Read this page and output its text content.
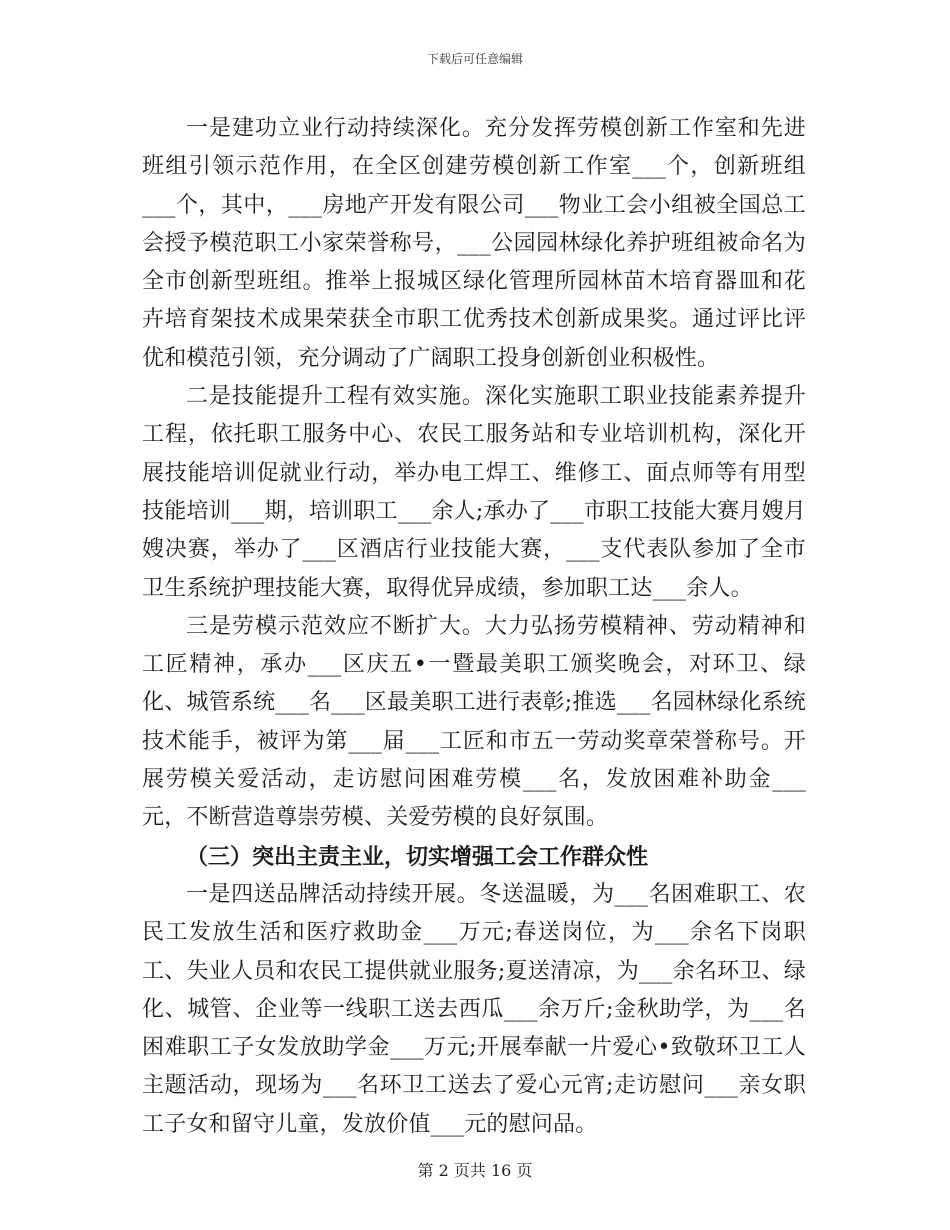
下载后可任意编辑

一是建功立业行动持续深化。充分发挥劳模创新工作室和先进班组引领示范作用，在全区创建劳模创新工作室___个，创新班组___个，其中，___房地产开发有限公司___物业工会小组被全国总工会授予模范职工小家荣誉称号，___公园园林绿化养护班组被命名为全市创新型班组。推举上报城区绿化管理所园林苗木培育器皿和花卉培育架技术成果荣获全市职工优秀技术创新成果奖。通过评比评优和模范引领，充分调动了广阔职工投身创新创业积极性。

二是技能提升工程有效实施。深化实施职工职业技能素养提升工程，依托职工服务中心、农民工服务站和专业培训机构，深化开展技能培训促就业行动，举办电工焊工、维修工、面点师等有用型技能培训___期，培训职工___余人;承办了___市职工技能大赛月嫂月嫂决赛，举办了___区酒店行业技能大赛，___支代表队参加了全市卫生系统护理技能大赛，取得优异成绩，参加职工达___余人。

三是劳模示范效应不断扩大。大力弘扬劳模精神、劳动精神和工匠精神，承办___区庆五•一暨最美职工颁奖晚会，对环卫、绿化、城管系统___名___区最美职工进行表彰;推选___名园林绿化系统技术能手，被评为第___届___工匠和市五一劳动奖章荣誉称号。开展劳模关爱活动，走访慰问困难劳模___名，发放困难补助金___元，不断营造尊崇劳模、关爱劳模的良好氛围。

（三）突出主责主业，切实增强工会工作群众性

一是四送品牌活动持续开展。冬送温暖，为___名困难职工、农民工发放生活和医疗救助金___万元;春送岗位，为___余名下岗职工、失业人员和农民工提供就业服务;夏送清凉，为___余名环卫、绿化、城管、企业等一线职工送去西瓜___余万斤;金秋助学，为___名困难职工子女发放助学金___万元;开展奉献一片爱心•致敬环卫工人主题活动，现场为___名环卫工送去了爱心元宵;走访慰问___亲女职工子女和留守儿童，发放价值___元的慰问品。

第 2 页共 16 页
